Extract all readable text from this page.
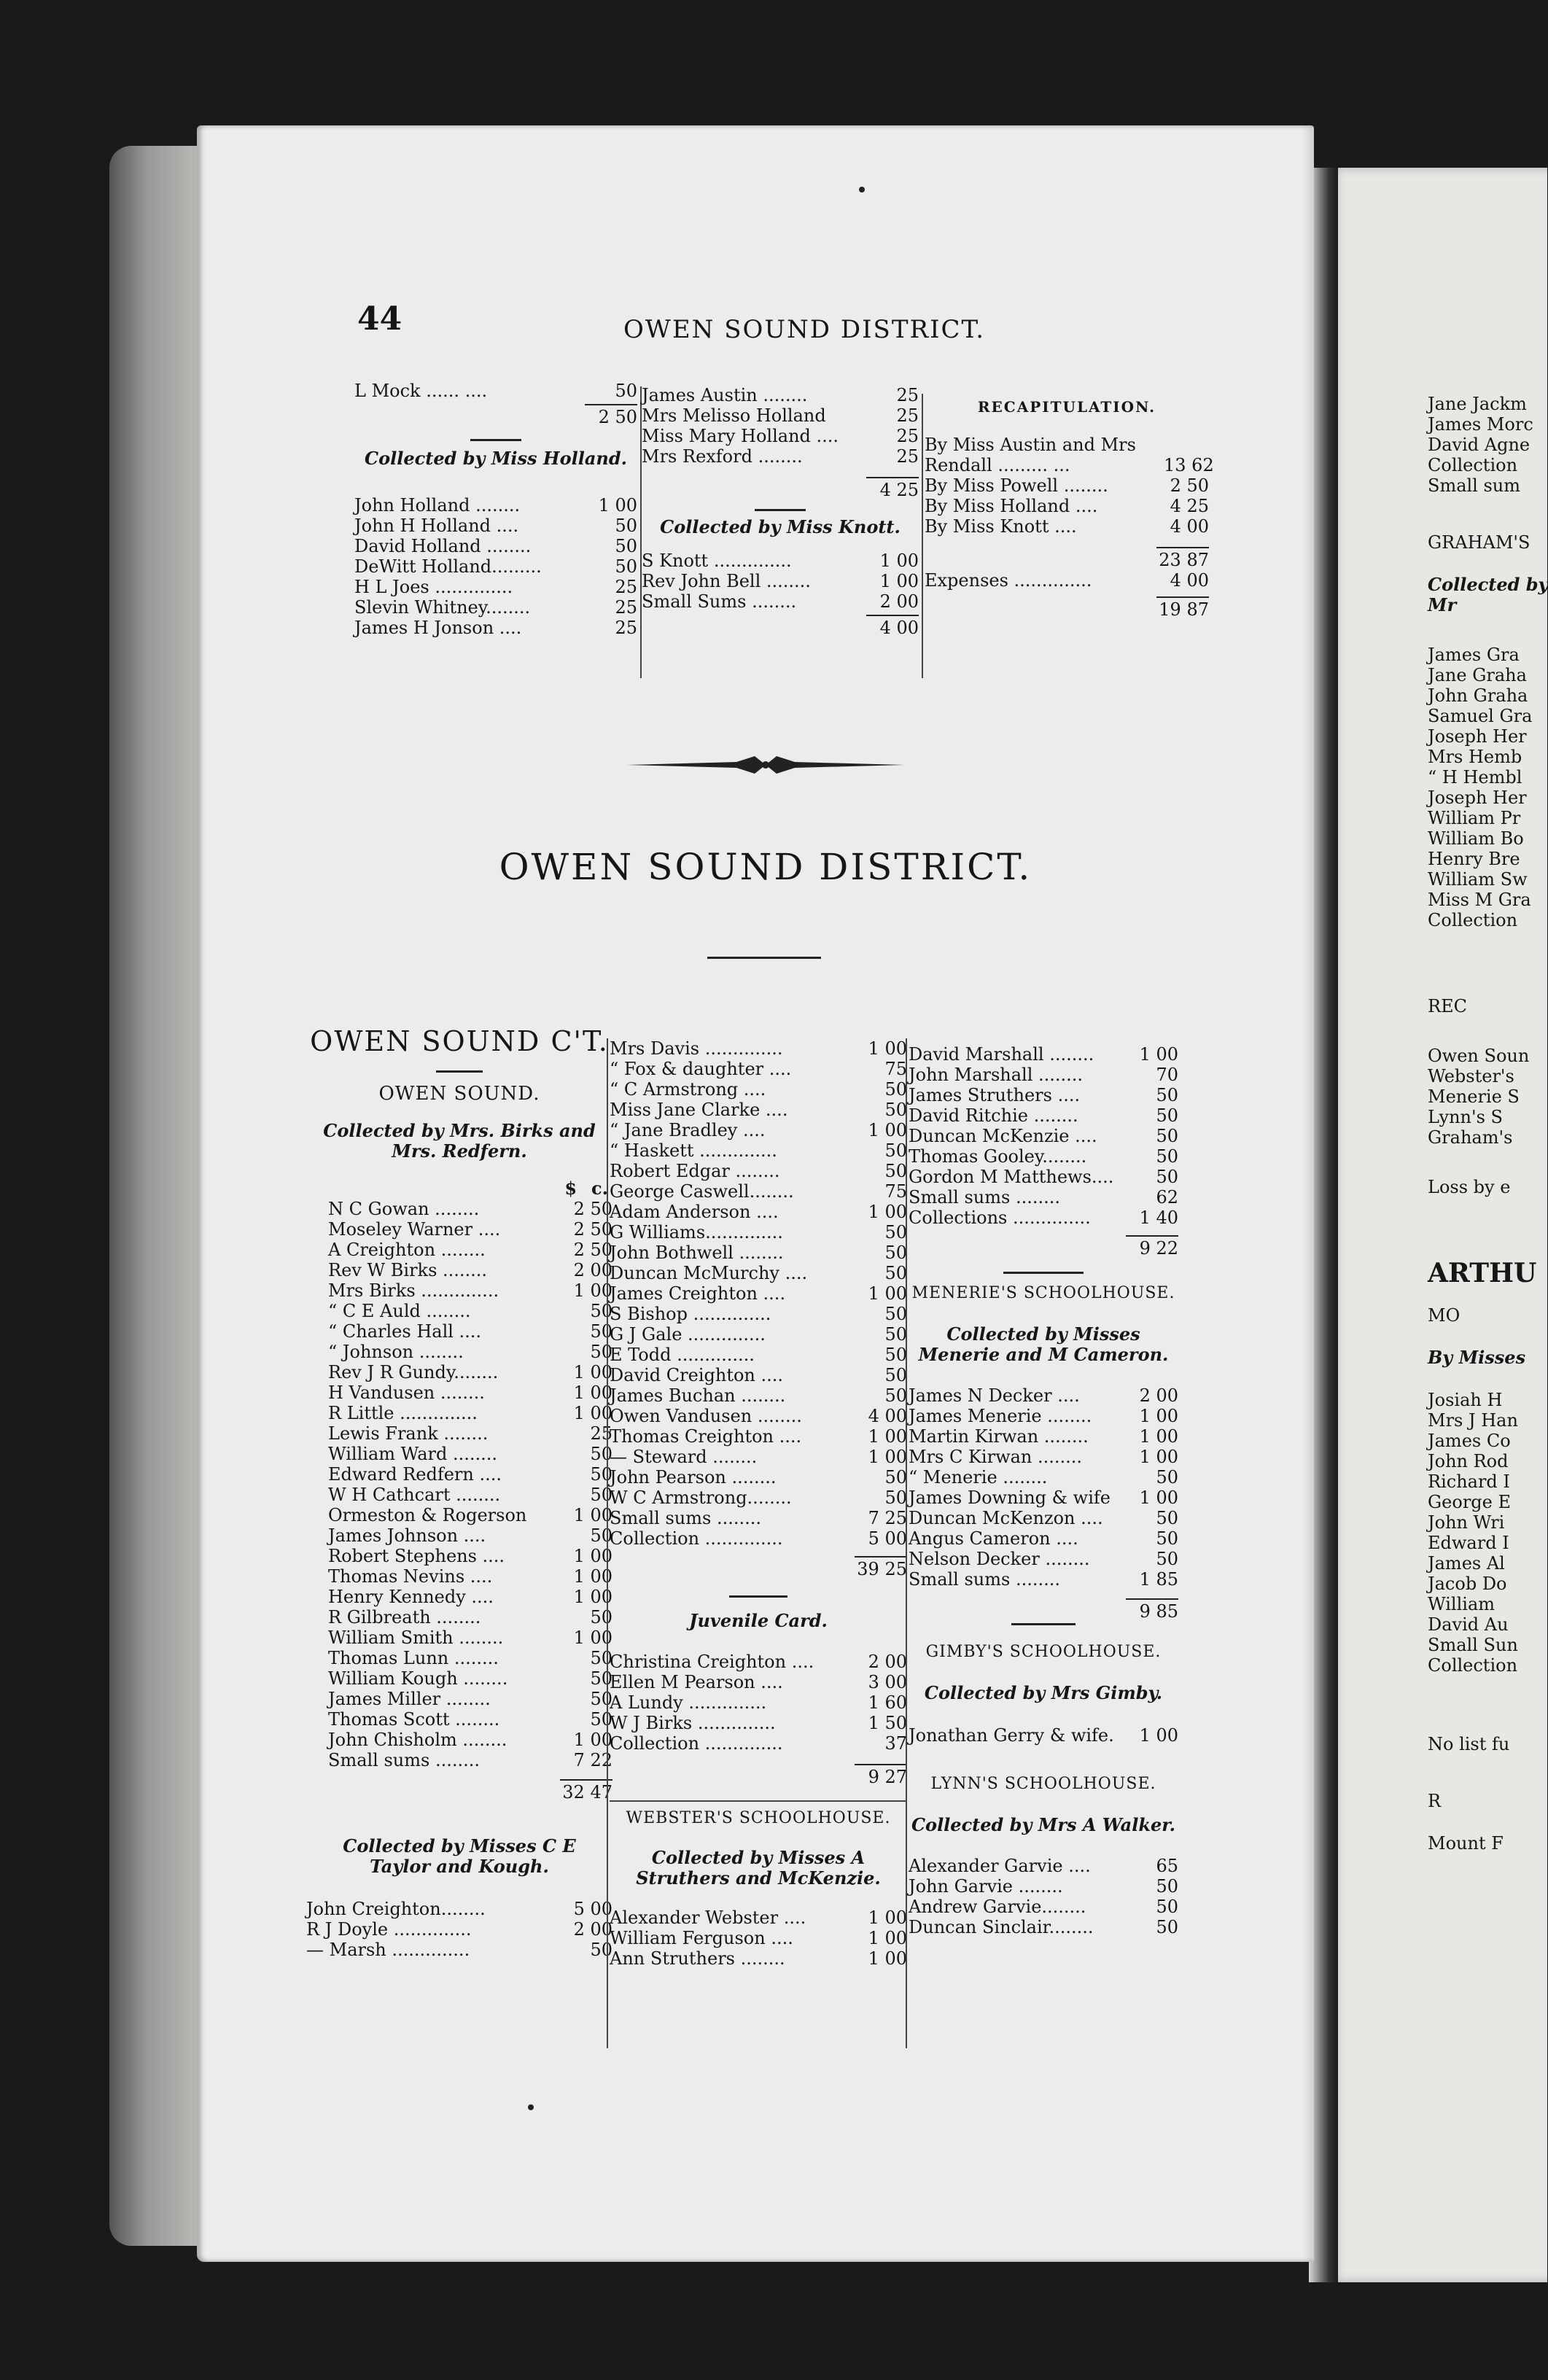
44	OWEN SOUND DISTRICT.
L Mock ...... ....	50
2 50
Collected by Miss Holland.
John Holland ........	1 00
John H Holland ....	50
David Holland ........	50
DeWitt Holland.........	50
H L Joes ..............	25
Slevin Whitney........	25
James H Jonson ....	25
James Austin ........	25
Mrs Melisso Holland	25
Miss Mary Holland ....	25
Mrs Rexford ........	25
4 25
Collected by Miss Knott.
S Knott ..............	1 00
Rev John Bell ........	1 00
Small Sums ........	2 00
4 00
RECAPITULATION.
By Miss Austin and Mrs
Rendall ......... ...	13 62
By Miss Powell ........	2 50
By Miss Holland ....	4 25
By Miss Knott ....	4 00
23 87
Expenses ..............	4 00
19 87
OWEN SOUND DISTRICT.
OWEN SOUND C'T.
OWEN SOUND.
Collected by Mrs. Birks and Mrs. Redfern.
$ c.
N C Gowan ........	2 50
Moseley Warner ....	2 50
A Creighton ........	2 50
Rev W Birks ........	2 00
Mrs Birks ..............	1 00
“ C E Auld ........	50
“ Charles Hall ....	50
“ Johnson ........	50
Rev J R Gundy........	1 00
H Vandusen ........	1 00
R Little ..............	1 00
Lewis Frank ........	25
William Ward ........	50
Edward Redfern ....	50
W H Cathcart ........	50
Ormeston & Rogerson	1 00
James Johnson ....	50
Robert Stephens ....	1 00
Thomas Nevins ....	1 00
Henry Kennedy ....	1 00
R Gilbreath ........	50
William Smith ........	1 00
Thomas Lunn ........	50
William Kough ........	50
James Miller ........	50
Thomas Scott ........	50
John Chisholm ........	1 00
Small sums ........	7 22
32 47
Collected by Misses C E Taylor and Kough.
John Creighton........	5 00
R J Doyle ..............	2 00
— Marsh ..............	50
Mrs Davis ..............	1 00
“ Fox & daughter ....	75
“ C Armstrong ....	50
Miss Jane Clarke ....	50
“ Jane Bradley ....	1 00
“ Haskett ..............	50
Robert Edgar ........	50
George Caswell........	75
Adam Anderson ....	1 00
G Williams..............	50
John Bothwell ........	50
Duncan McMurchy ....	50
James Creighton ....	1 00
S Bishop ..............	50
G J Gale ..............	50
E Todd ..............	50
David Creighton ....	50
James Buchan ........	50
Owen Vandusen ........	4 00
Thomas Creighton ....	1 00
— Steward ........	1 00
John Pearson ........	50
W C Armstrong........	50
Small sums ........	7 25
Collection ..............	5 00
39 25
Juvenile Card.
Christina Creighton ....	2 00
Ellen M Pearson ....	3 00
A Lundy ..............	1 60
W J Birks ..............	1 50
Collection ..............	37
9 27
WEBSTER'S SCHOOLHOUSE.
Collected by Misses A Struthers and McKenzie.
Alexander Webster ....	1 00
William Ferguson ....	1 00
Ann Struthers ........	1 00
David Marshall ........	1 00
John Marshall ........	70
James Struthers ....	50
David Ritchie ........	50
Duncan McKenzie ....	50
Thomas Gooley........	50
Gordon M Matthews....	50
Small sums ........	62
Collections ..............	1 40
9 22
MENERIE'S SCHOOLHOUSE.
Collected by Misses Menerie and M Cameron.
James N Decker ....	2 00
James Menerie ........	1 00
Martin Kirwan ........	1 00
Mrs C Kirwan ........	1 00
“ Menerie ........	50
James Downing & wife	1 00
Duncan McKenzon ....	50
Angus Cameron ....	50
Nelson Decker ........	50
Small sums ........	1 85
9 85
GIMBY'S SCHOOLHOUSE.
Collected by Mrs Gimby.
Jonathan Gerry & wife.	1 00
LYNN'S SCHOOLHOUSE.
Collected by Mrs A Walker.
Alexander Garvie ....	65
John Garvie ........	50
Andrew Garvie........	50
Duncan Sinclair........	50
Jane Jackm
James Morc
David Agne
Collection
Small sum
GRAHAM'S
Collected by
Mr
James Gra
Jane Graha
John Graha
Samuel Gra
Joseph Her
Mrs Hemb
“ H Hembl
Joseph Her
William Pr
William Bo
Henry Bre
William Sw
Miss M Gra
Collection
REC
Owen Soun
Webster's
Menerie S
Lynn's S
Graham's
Loss by e
ARTHU
MO
By Misses
Josiah H
Mrs J Han
James Co
John Rod
Richard I
George E
John Wri
Edward I
James Al
Jacob Do
William
David Au
Small Sun
Collection
No list fu
R
Mount F
